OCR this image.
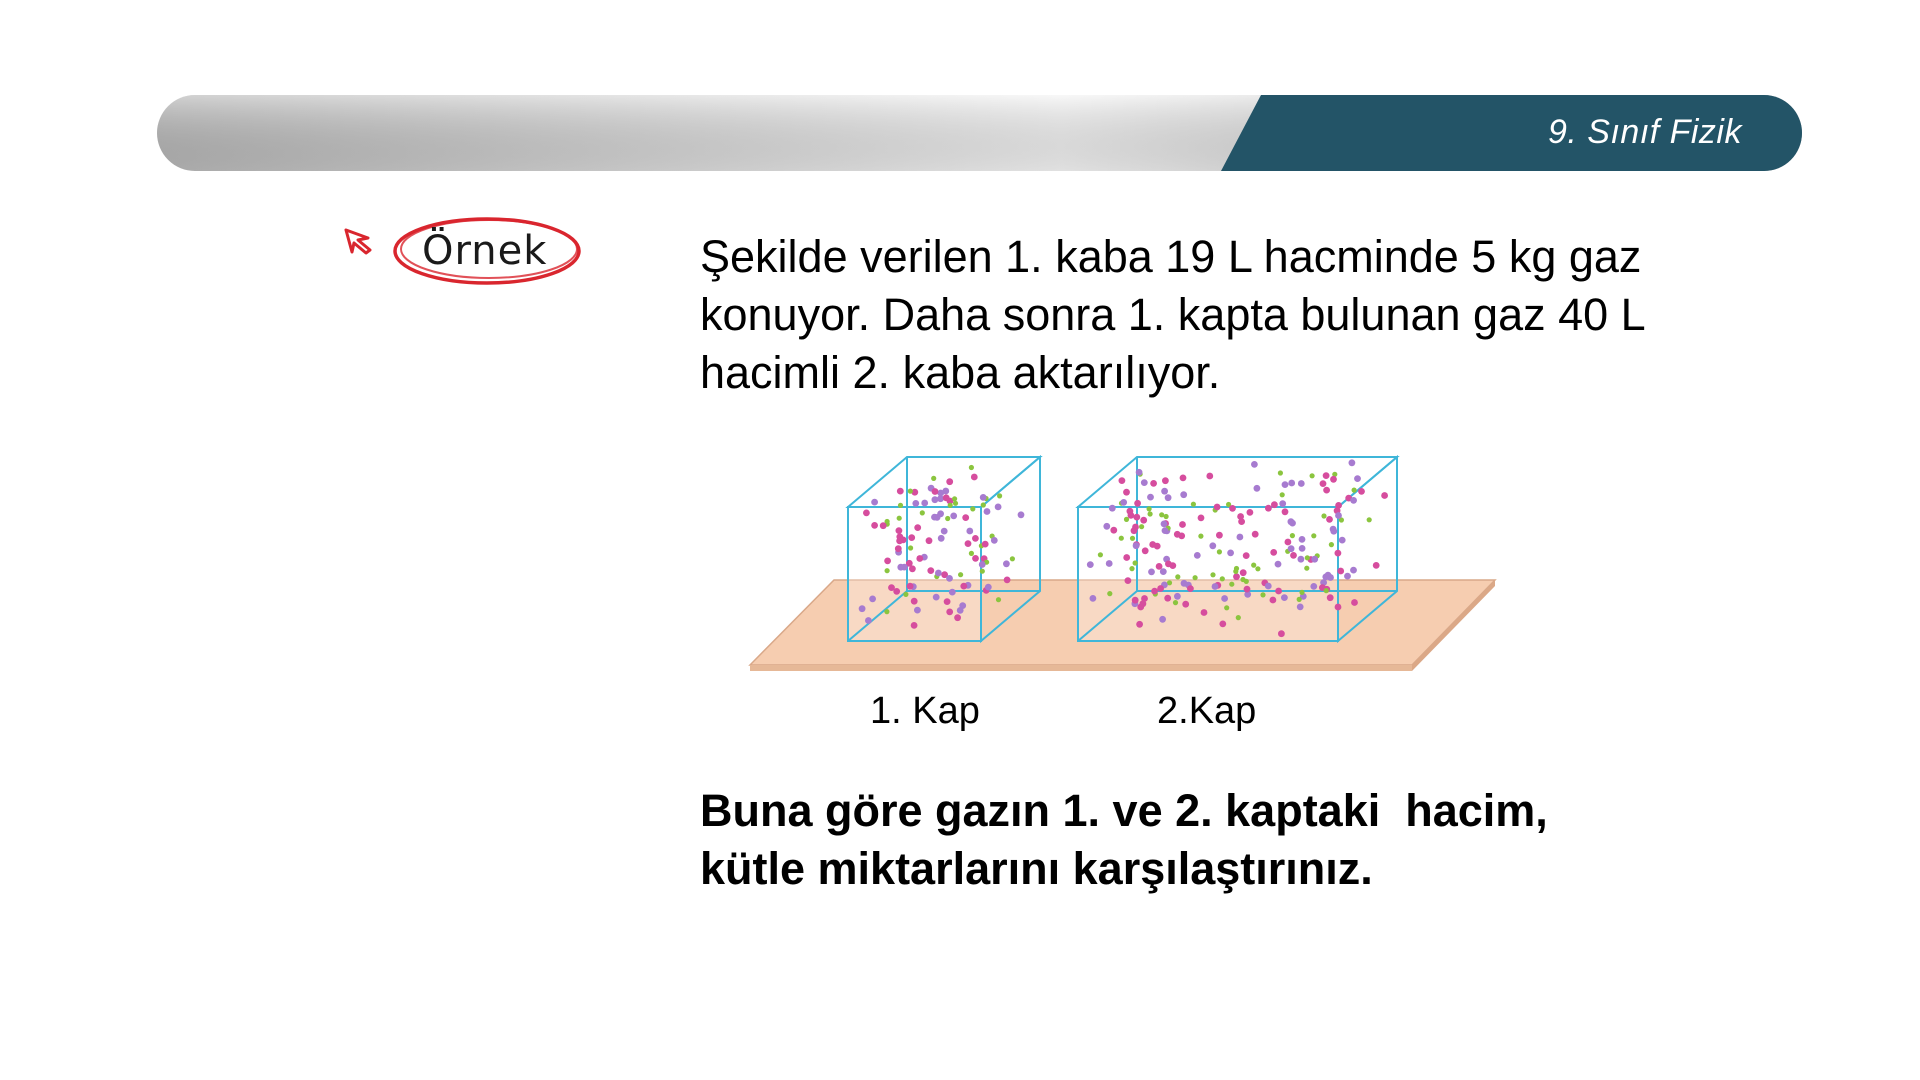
9. Sınıf Fizik
Örnek	Şekilde verilen 1. kaba 19 L hacminde 5 kg gaz
konuyor. Daha sonra 1. kapta bulunan gaz 40 L
hacimli 2. kaba aktarılıyor.
1. Kap	2.Kap
Buna göre gazın 1. ve 2. kaptaki  hacim,
kütle miktarlarını karşılaştırınız.
